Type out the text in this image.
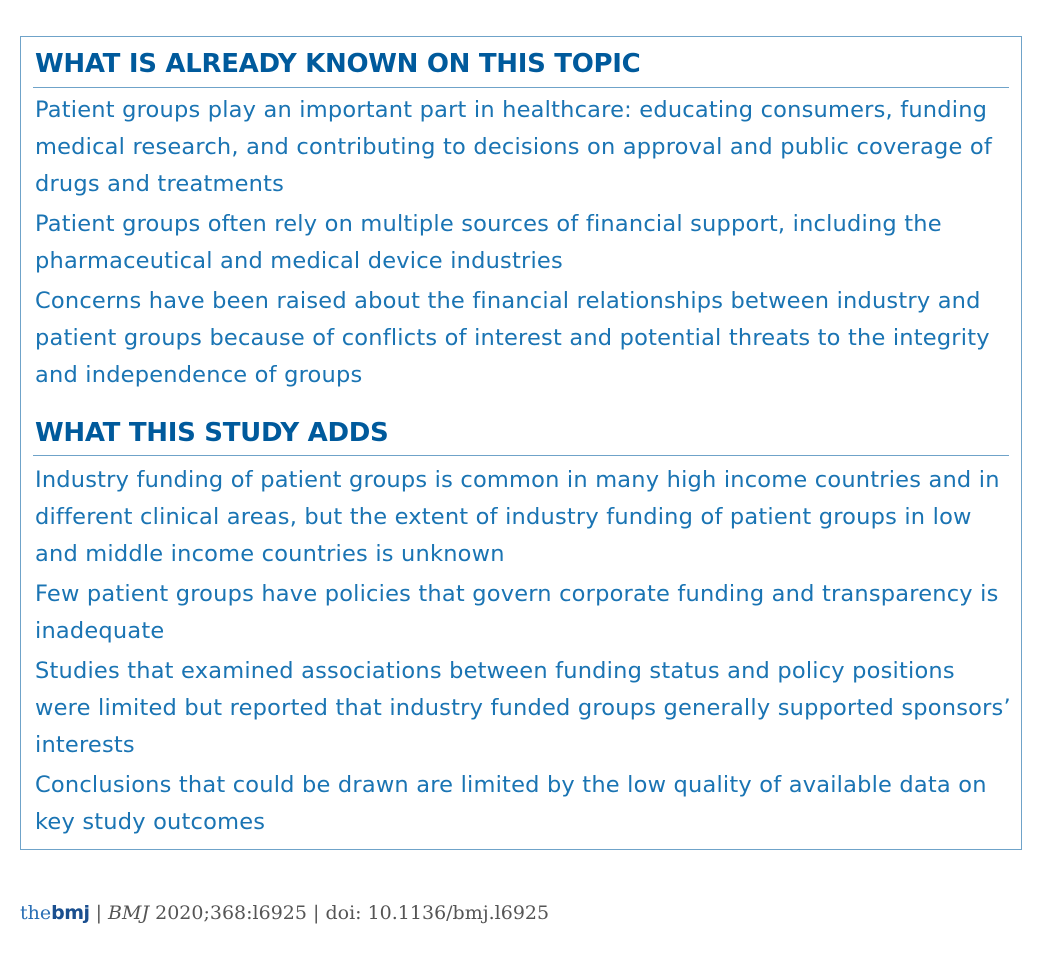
WHAT IS ALREADY KNOWN ON THIS TOPIC
Patient groups play an important part in healthcare: educating consumers, funding medical research, and contributing to decisions on approval and public coverage of drugs and treatments
Patient groups often rely on multiple sources of financial support, including the pharmaceutical and medical device industries
Concerns have been raised about the financial relationships between industry and patient groups because of conflicts of interest and potential threats to the integrity and independence of groups
WHAT THIS STUDY ADDS
Industry funding of patient groups is common in many high income countries and in different clinical areas, but the extent of industry funding of patient groups in low and middle income countries is unknown
Few patient groups have policies that govern corporate funding and transparency is inadequate
Studies that examined associations between funding status and policy positions were limited but reported that industry funded groups generally supported sponsors’ interests
Conclusions that could be drawn are limited by the low quality of available data on key study outcomes
thebmj | BMJ 2020;368:l6925 | doi: 10.1136/bmj.l6925
